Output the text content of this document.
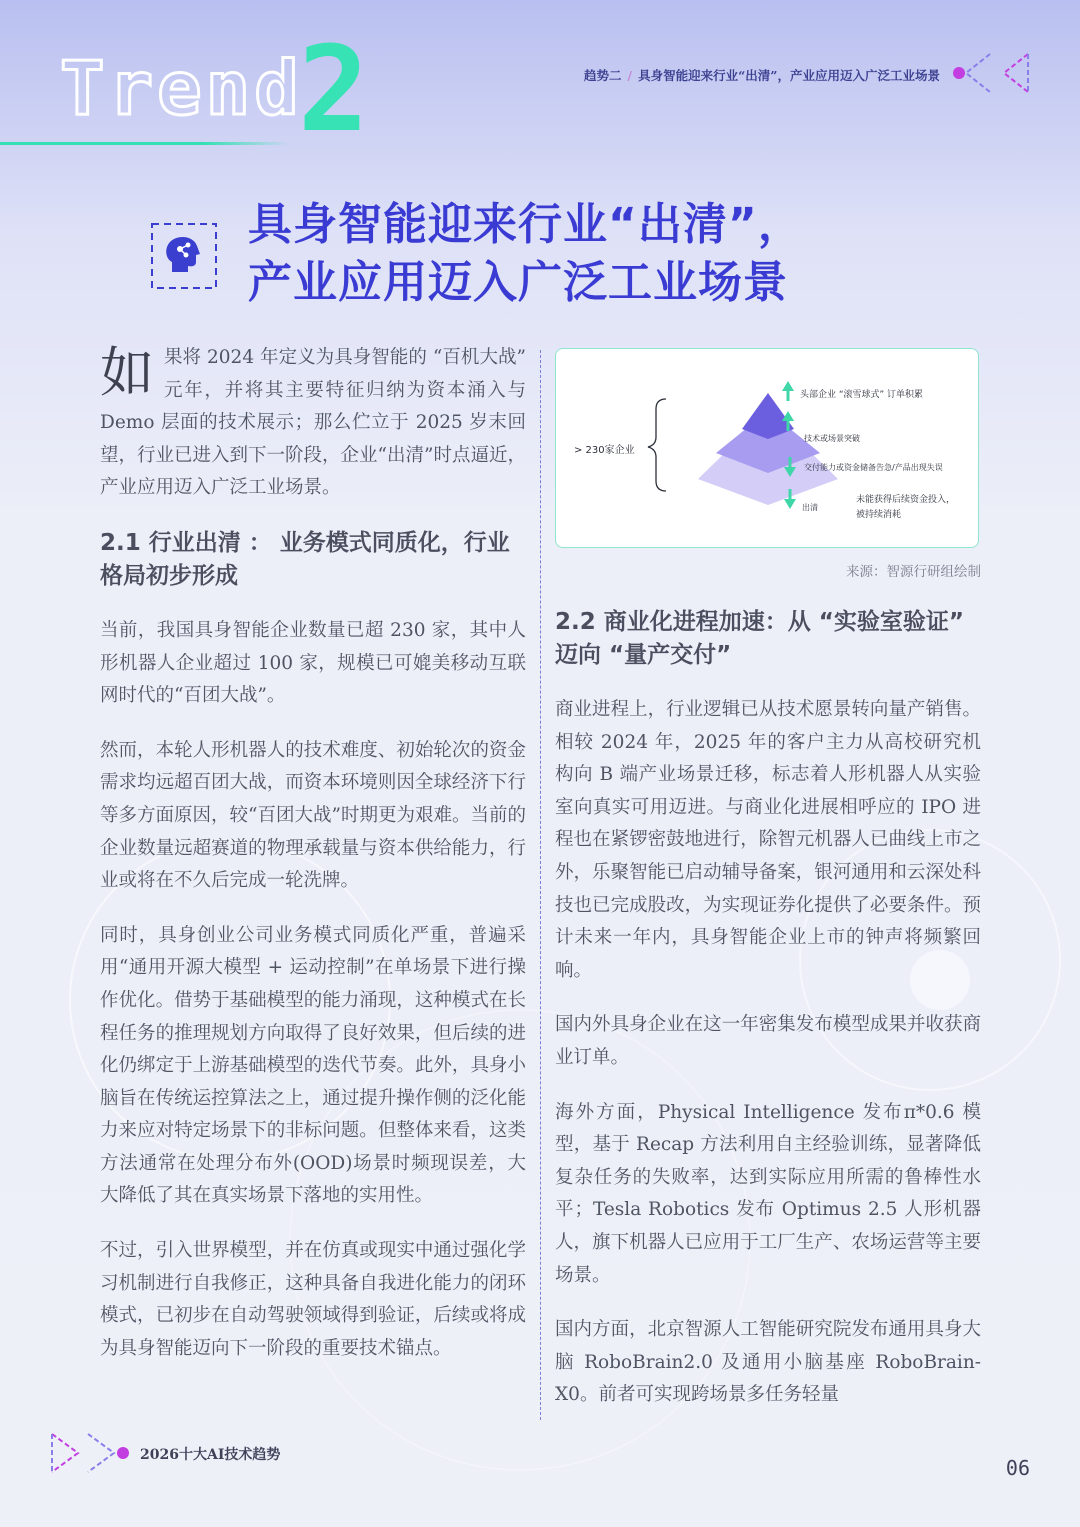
Trend
2	趋势二 / 具身智能迎来行业“出清”，产业应用迈入广泛工业场景
具身智能迎来行业“出清”，
产业应用迈入广泛工业场景

如果将 2024 年定义为具身智能的 “百机大战” 元年，并将其主要特征归纳为资本涌入与 Demo 层面的技术展示；那么伫立于 2025 岁末回望，行业已进入到下一阶段，企业“出清”时点逼近，产业应用迈入广泛工业场景。

2.1 行业出清 ： 业务模式同质化，行业格局初步形成

当前，我国具身智能企业数量已超 230 家，其中人形机器人企业超过 100 家，规模已可媲美移动互联网时代的“百团大战”。

然而，本轮人形机器人的技术难度、初始轮次的资金需求均远超百团大战，而资本环境则因全球经济下行等多方面原因，较“百团大战”时期更为艰难。当前的企业数量远超赛道的物理承载量与资本供给能力，行业或将在不久后完成一轮洗牌。

同时，具身创业公司业务模式同质化严重，普遍采用“通用开源大模型 + 运动控制”在单场景下进行操作优化。借势于基础模型的能力涌现，这种模式在长程任务的推理规划方向取得了良好效果，但后续的进化仍绑定于上游基础模型的迭代节奏。此外，具身小脑旨在传统运控算法之上，通过提升操作侧的泛化能力来应对特定场景下的非标问题。但整体来看，这类方法通常在处理分布外(OOD)场景时频现误差，大大降低了其在真实场景下落地的实用性。

不过，引入世界模型，并在仿真或现实中通过强化学习机制进行自我修正，这种具备自我进化能力的闭环模式，已初步在自动驾驶领域得到验证，后续或将成为具身智能迈向下一阶段的重要技术锚点。

> 230家企业
头部企业 “滚雪球式” 订单积累
技术或场景突破
交付能力或资金储备告急/产品出现失误
出清
未能获得后续资金投入，
被持续消耗
来源：智源行研组绘制
2.2 商业化进程加速：从 “实验室验证” 迈向 “量产交付”

商业进程上，行业逻辑已从技术愿景转向量产销售。相较 2024 年，2025 年的客户主力从高校研究机构向 B 端产业场景迁移，标志着人形机器人从实验室向真实可用迈进。与商业化进展相呼应的 IPO 进程也在紧锣密鼓地进行，除智元机器人已曲线上市之外，乐聚智能已启动辅导备案，银河通用和云深处科技也已完成股改，为实现证券化提供了必要条件。预计未来一年内，具身智能企业上市的钟声将频繁回响。

国内外具身企业在这一年密集发布模型成果并收获商业订单。

海外方面，Physical Intelligence 发布π*0.6 模型，基于 Recap 方法利用自主经验训练，显著降低复杂任务的失败率，达到实际应用所需的鲁棒性水平；Tesla Robotics 发布 Optimus 2.5 人形机器人，旗下机器人已应用于工厂生产、农场运营等主要场景。

国内方面，北京智源人工智能研究院发布通用具身大脑 RoboBrain2.0 及通用小脑基座 RoboBrain-X0。前者可实现跨场景多任务轻量

2026十大AI技术趋势
06
